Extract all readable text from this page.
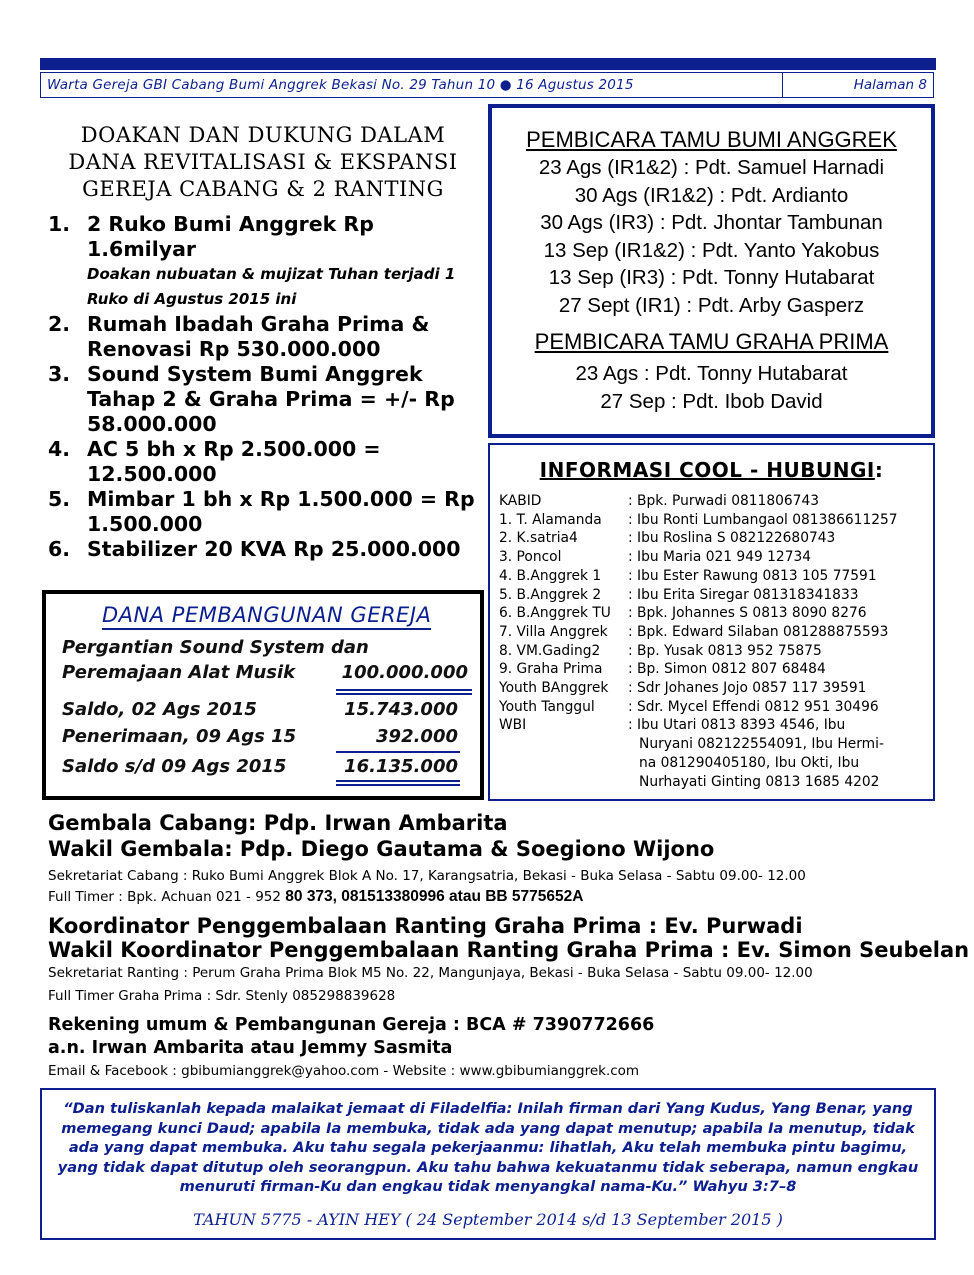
Warta Gereja GBI Cabang Bumi Anggrek Bekasi No. 29 Tahun 10 ● 16 Agustus 2015	Halaman 8
DOAKAN DAN DUKUNG DALAM
DANA REVITALISASI & EKSPANSI
GEREJA CABANG & 2 RANTING
1. 2 Ruko Bumi Anggrek Rp 1.6milyar
Doakan nubuatan & mujizat Tuhan terjadi 1 Ruko di Agustus 2015 ini
2. Rumah Ibadah Graha Prima & Renovasi Rp 530.000.000
3. Sound System Bumi Anggrek Tahap 2 & Graha Prima = +/- Rp 58.000.000
4. AC 5 bh x Rp 2.500.000 = 12.500.000
5. Mimbar 1 bh x Rp 1.500.000 = Rp 1.500.000
6. Stabilizer 20 KVA Rp 25.000.000
DANA PEMBANGUNAN GEREJA
Pergantian Sound System dan
Peremajaan Alat Musik	100.000.000
Saldo, 02 Ags 2015	15.743.000
Penerimaan, 09 Ags 15	392.000
Saldo s/d 09 Ags 2015	16.135.000
PEMBICARA TAMU BUMI ANGGREK
23 Ags (IR1&2) : Pdt. Samuel Harnadi
30 Ags (IR1&2) : Pdt. Ardianto
30 Ags (IR3) : Pdt. Jhontar Tambunan
13 Sep (IR1&2) : Pdt. Yanto Yakobus
13 Sep (IR3) : Pdt. Tonny Hutabarat
27 Sept (IR1) : Pdt. Arby Gasperz
PEMBICARA TAMU GRAHA PRIMA
23 Ags : Pdt. Tonny Hutabarat
27 Sep : Pdt. Ibob David
INFORMASI COOL - HUBUNGI:
KABID	: Bpk. Purwadi 0811806743
1. T. Alamanda	: Ibu Ronti Lumbangaol 081386611257
2. K.satria4	: Ibu Roslina S 082122680743
3. Poncol	: Ibu Maria 021 949 12734
4. B.Anggrek 1	: Ibu Ester Rawung 0813 105 77591
5. B.Anggrek 2	: Ibu Erita Siregar 081318341833
6. B.Anggrek TU	: Bpk. Johannes S 0813 8090 8276
7. Villa Anggrek	: Bpk. Edward Silaban 081288875593
8. VM.Gading2	: Bp. Yusak 0813 952 75875
9. Graha Prima	: Bp. Simon 0812 807 68484
Youth BAnggrek	: Sdr Johanes Jojo 0857 117 39591
Youth Tanggul	: Sdr. Mycel Effendi 0812 951 30496
WBI	: Ibu Utari 0813 8393 4546, Ibu
Nuryani 082122554091, Ibu Hermi-
na 081290405180, Ibu Okti, Ibu
Nurhayati Ginting 0813 1685 4202
Gembala Cabang: Pdp. Irwan Ambarita
Wakil Gembala: Pdp. Diego Gautama & Soegiono Wijono
Sekretariat Cabang : Ruko Bumi Anggrek Blok A No. 17, Karangsatria, Bekasi - Buka Selasa - Sabtu 09.00- 12.00
Full Timer : Bpk. Achuan 021 - 952 80 373, 081513380996 atau BB 5775652A
Koordinator Penggembalaan Ranting Graha Prima : Ev. Purwadi
Wakil Koordinator Penggembalaan Ranting Graha Prima : Ev. Simon Seubelan
Sekretariat Ranting : Perum Graha Prima Blok M5 No. 22, Mangunjaya, Bekasi - Buka Selasa - Sabtu 09.00- 12.00
Full Timer Graha Prima : Sdr. Stenly 085298839628
Rekening umum & Pembangunan Gereja : BCA # 7390772666
a.n. Irwan Ambarita atau Jemmy Sasmita
Email & Facebook : gbibumianggrek@yahoo.com - Website : www.gbibumianggrek.com
“Dan tuliskanlah kepada malaikat jemaat di Filadelfia: Inilah firman dari Yang Kudus, Yang Benar, yang
memegang kunci Daud; apabila Ia membuka, tidak ada yang dapat menutup; apabila Ia menutup, tidak
ada yang dapat membuka. Aku tahu segala pekerjaanmu: lihatlah, Aku telah membuka pintu bagimu,
yang tidak dapat ditutup oleh seorangpun. Aku tahu bahwa kekuatanmu tidak seberapa, namun engkau
menuruti firman-Ku dan engkau tidak menyangkal nama-Ku.” Wahyu 3:7–8
TAHUN 5775 - AYIN HEY ( 24 September 2014 s/d 13 September 2015 )
